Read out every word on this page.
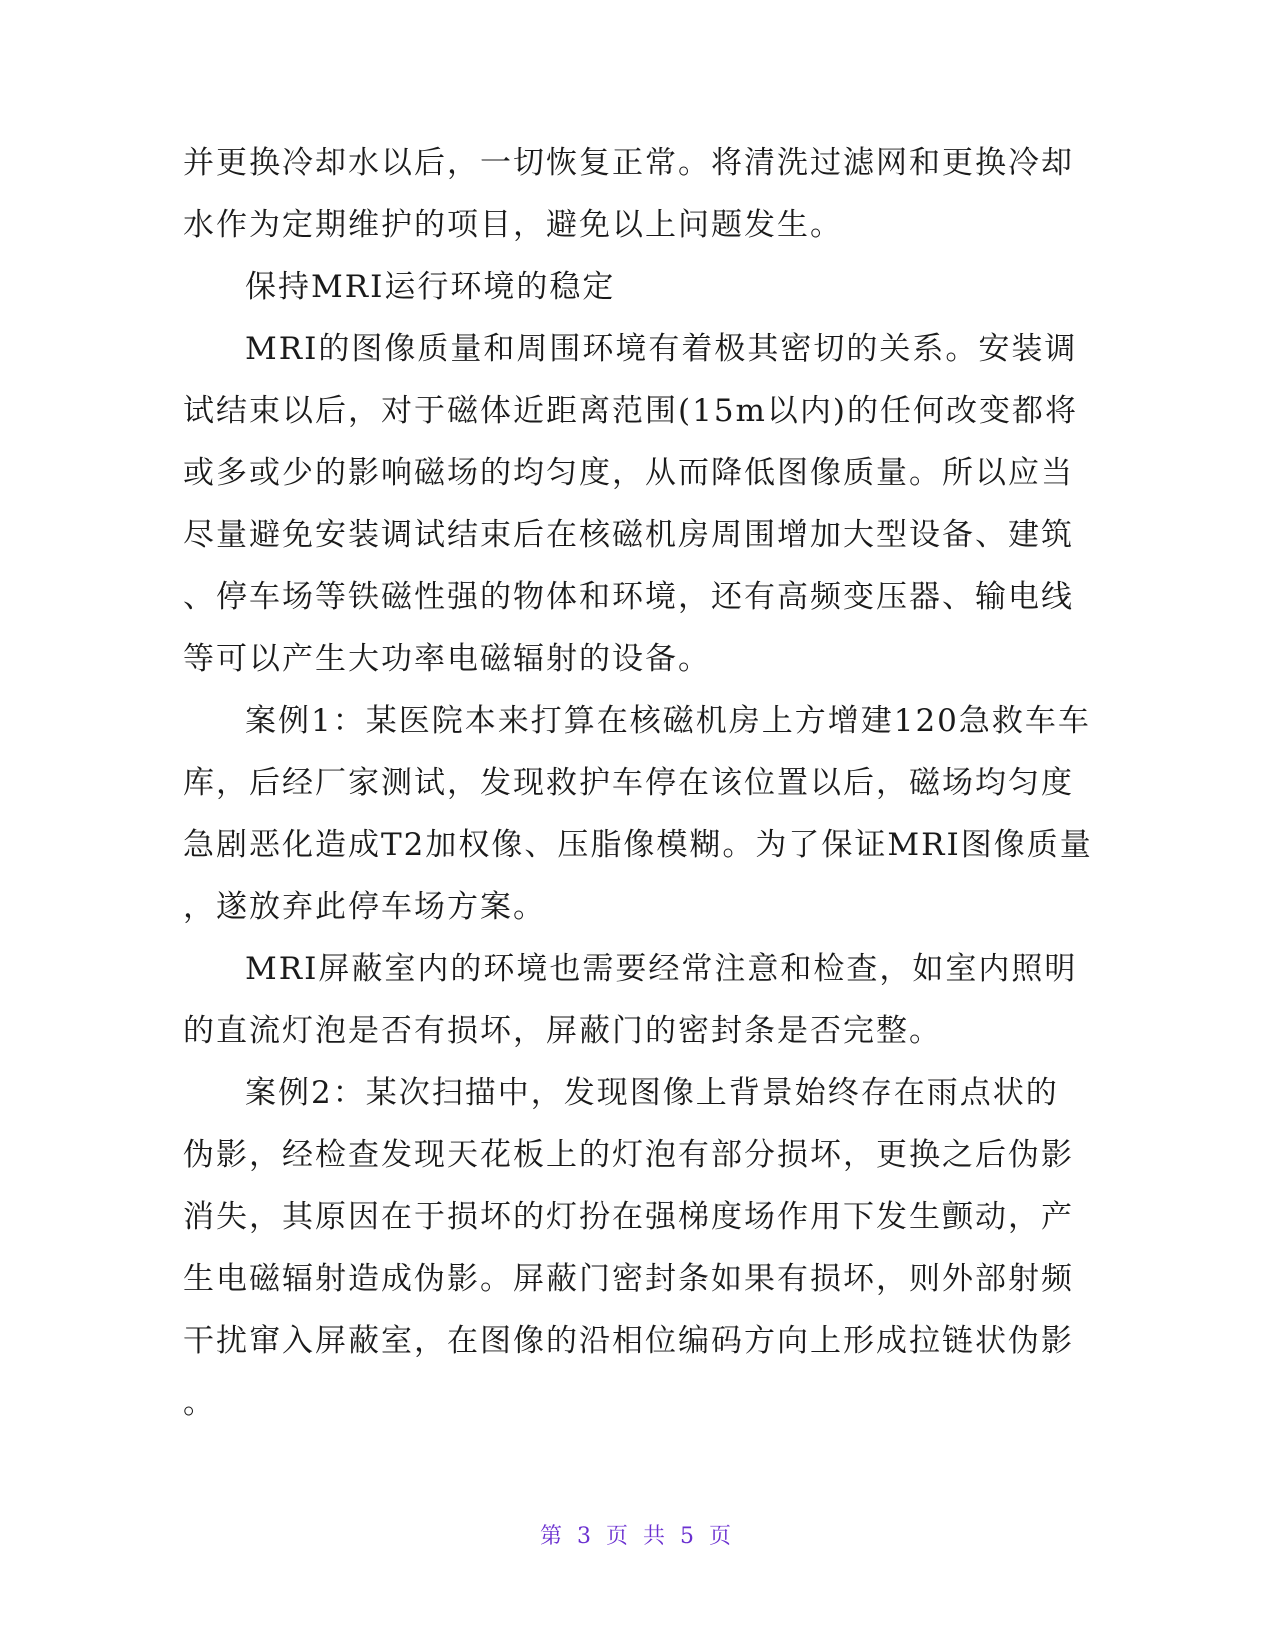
并更换冷却水以后，一切恢复正常。将清洗过滤网和更换冷却
水作为定期维护的项目，避免以上问题发生。
保持MRI运行环境的稳定
MRI的图像质量和周围环境有着极其密切的关系。安装调
试结束以后，对于磁体近距离范围(15m以内)的任何改变都将
或多或少的影响磁场的均匀度，从而降低图像质量。所以应当
尽量避免安装调试结束后在核磁机房周围增加大型设备、建筑
、停车场等铁磁性强的物体和环境，还有高频变压器、输电线
等可以产生大功率电磁辐射的设备。
案例1：某医院本来打算在核磁机房上方增建120急救车车
库，后经厂家测试，发现救护车停在该位置以后，磁场均匀度
急剧恶化造成T2加权像、压脂像模糊。为了保证MRI图像质量
，遂放弃此停车场方案。
MRI屏蔽室内的环境也需要经常注意和检查，如室内照明
的直流灯泡是否有损坏，屏蔽门的密封条是否完整。
案例2：某次扫描中，发现图像上背景始终存在雨点状的
伪影，经检查发现天花板上的灯泡有部分损坏，更换之后伪影
消失，其原因在于损坏的灯扮在强梯度场作用下发生颤动，产
生电磁辐射造成伪影。屏蔽门密封条如果有损坏，则外部射频
干扰窜入屏蔽室，在图像的沿相位编码方向上形成拉链状伪影
。
第 3 页 共 5 页
